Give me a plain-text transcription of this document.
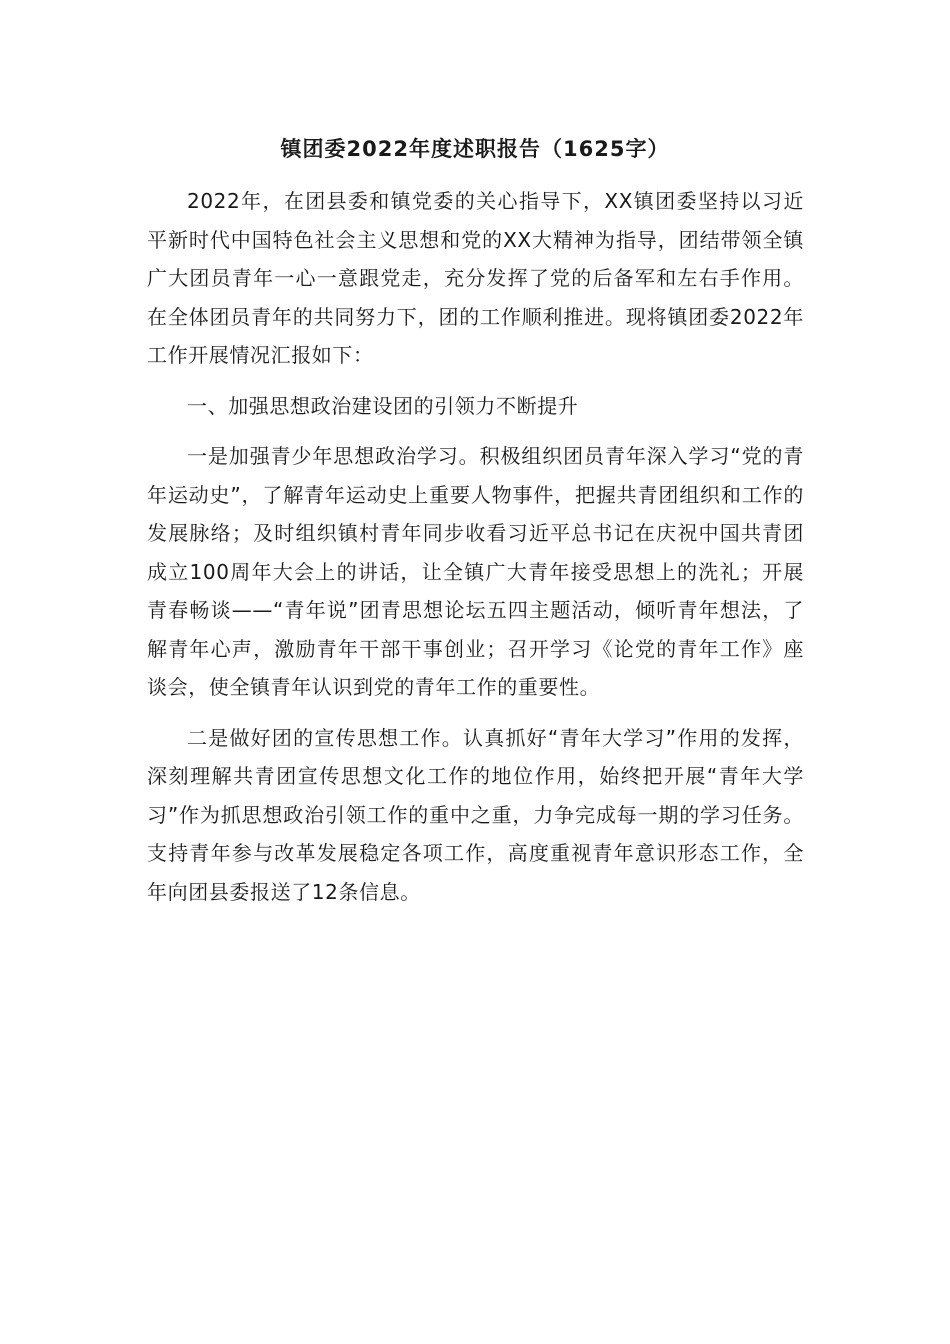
镇团委2022年度述职报告（1625字）

2022年，在团县委和镇党委的关心指导下，XX镇团委坚持以习近平新时代中国特色社会主义思想和党的XX大精神为指导，团结带领全镇广大团员青年一心一意跟党走，充分发挥了党的后备军和左右手作用。在全体团员青年的共同努力下，团的工作顺利推进。现将镇团委2022年工作开展情况汇报如下：

一、加强思想政治建设团的引领力不断提升

一是加强青少年思想政治学习。积极组织团员青年深入学习“党的青年运动史”，了解青年运动史上重要人物事件，把握共青团组织和工作的发展脉络；及时组织镇村青年同步收看习近平总书记在庆祝中国共青团成立100周年大会上的讲话，让全镇广大青年接受思想上的洗礼；开展青春畅谈——“青年说”团青思想论坛五四主题活动，倾听青年想法，了解青年心声，激励青年干部干事创业；召开学习《论党的青年工作》座谈会，使全镇青年认识到党的青年工作的重要性。

二是做好团的宣传思想工作。认真抓好“青年大学习”作用的发挥，深刻理解共青团宣传思想文化工作的地位作用，始终把开展“青年大学习”作为抓思想政治引领工作的重中之重，力争完成每一期的学习任务。支持青年参与改革发展稳定各项工作，高度重视青年意识形态工作，全年向团县委报送了12条信息。
